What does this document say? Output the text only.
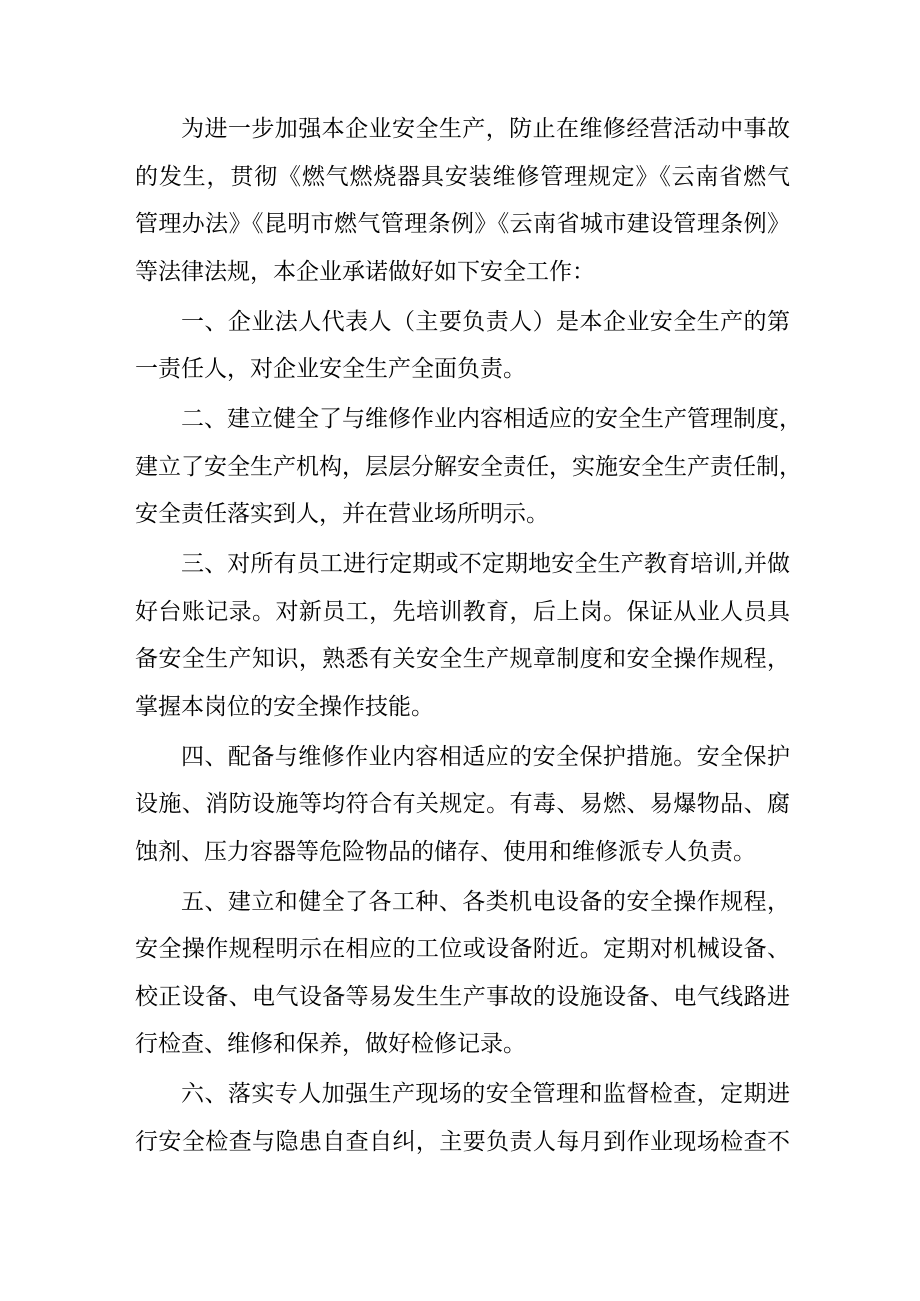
为进一步加强本企业安全生产，防止在维修经营活动中事故
的发生，贯彻《燃气燃烧器具安装维修管理规定》《云南省燃气
管理办法》《昆明市燃气管理条例》《云南省城市建设管理条例》
等法律法规，本企业承诺做好如下安全工作：
一、企业法人代表人（主要负责人）是本企业安全生产的第
一责任人，对企业安全生产全面负责。
二、建立健全了与维修作业内容相适应的安全生产管理制度，
建立了安全生产机构，层层分解安全责任，实施安全生产责任制，
安全责任落实到人，并在营业场所明示。
三、对所有员工进行定期或不定期地安全生产教育培训,并做
好台账记录。对新员工，先培训教育，后上岗。保证从业人员具
备安全生产知识，熟悉有关安全生产规章制度和安全操作规程，
掌握本岗位的安全操作技能。
四、配备与维修作业内容相适应的安全保护措施。安全保护
设施、消防设施等均符合有关规定。有毒、易燃、易爆物品、腐
蚀剂、压力容器等危险物品的储存、使用和维修派专人负责。
五、建立和健全了各工种、各类机电设备的安全操作规程，
安全操作规程明示在相应的工位或设备附近。定期对机械设备、
校正设备、电气设备等易发生生产事故的设施设备、电气线路进
行检查、维修和保养，做好检修记录。
六、落实专人加强生产现场的安全管理和监督检查，定期进
行安全检查与隐患自查自纠，主要负责人每月到作业现场检查不
